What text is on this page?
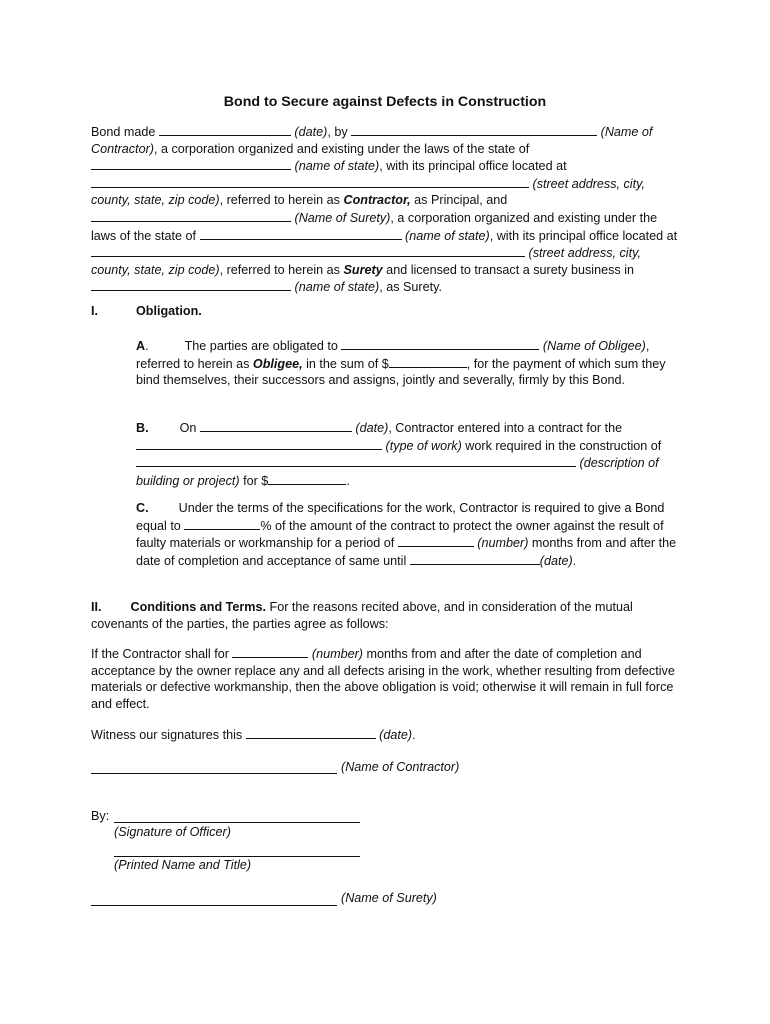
Bond to Secure against Defects in Construction

Bond made	(date), by	(Name of Contractor), a corporation organized and existing under the laws of the state of  (name of state), with its principal office located at  (street address, city, county, state, zip code), referred to herein as Contractor, as Principal, and  (Name of Surety), a corporation organized and existing under the laws of the state of	(name of state), with its principal office located at  (street address, city, county, state, zip code), referred to herein as Surety and licensed to transact a surety business in  (name of state), as Surety.

I.	Obligation.

A.	The parties are obligated to	(Name of Obligee), referred to herein as Obligee, in the sum of $	, for the payment of which sum they bind themselves, their successors and assigns, jointly and severally, firmly by this Bond.

B. On	(date), Contractor entered into a contract for the  (type of work) work required in the construction of  (description of building or project) for $	.

C. Under the terms of the specifications for the work, Contractor is required to give a Bond equal to	% of the amount of the contract to protect the owner against the result of faulty materials or workmanship for a period of	(number) months from and after the date of completion and acceptance of same until	(date).

II. Conditions and Terms. For the reasons recited above, and in consideration of the mutual covenants of the parties, the parties agree as follows:

If the Contractor shall for	(number) months from and after the date of completion and acceptance by the owner replace any and all defects arising in the work, whether resulting from defective materials or defective workmanship, then the above obligation is void; otherwise it will remain in full force and effect.

Witness our signatures this	(date).

(Name of Contractor)
By:
(Signature of Officer)
(Printed Name and Title)
(Name of Surety)
